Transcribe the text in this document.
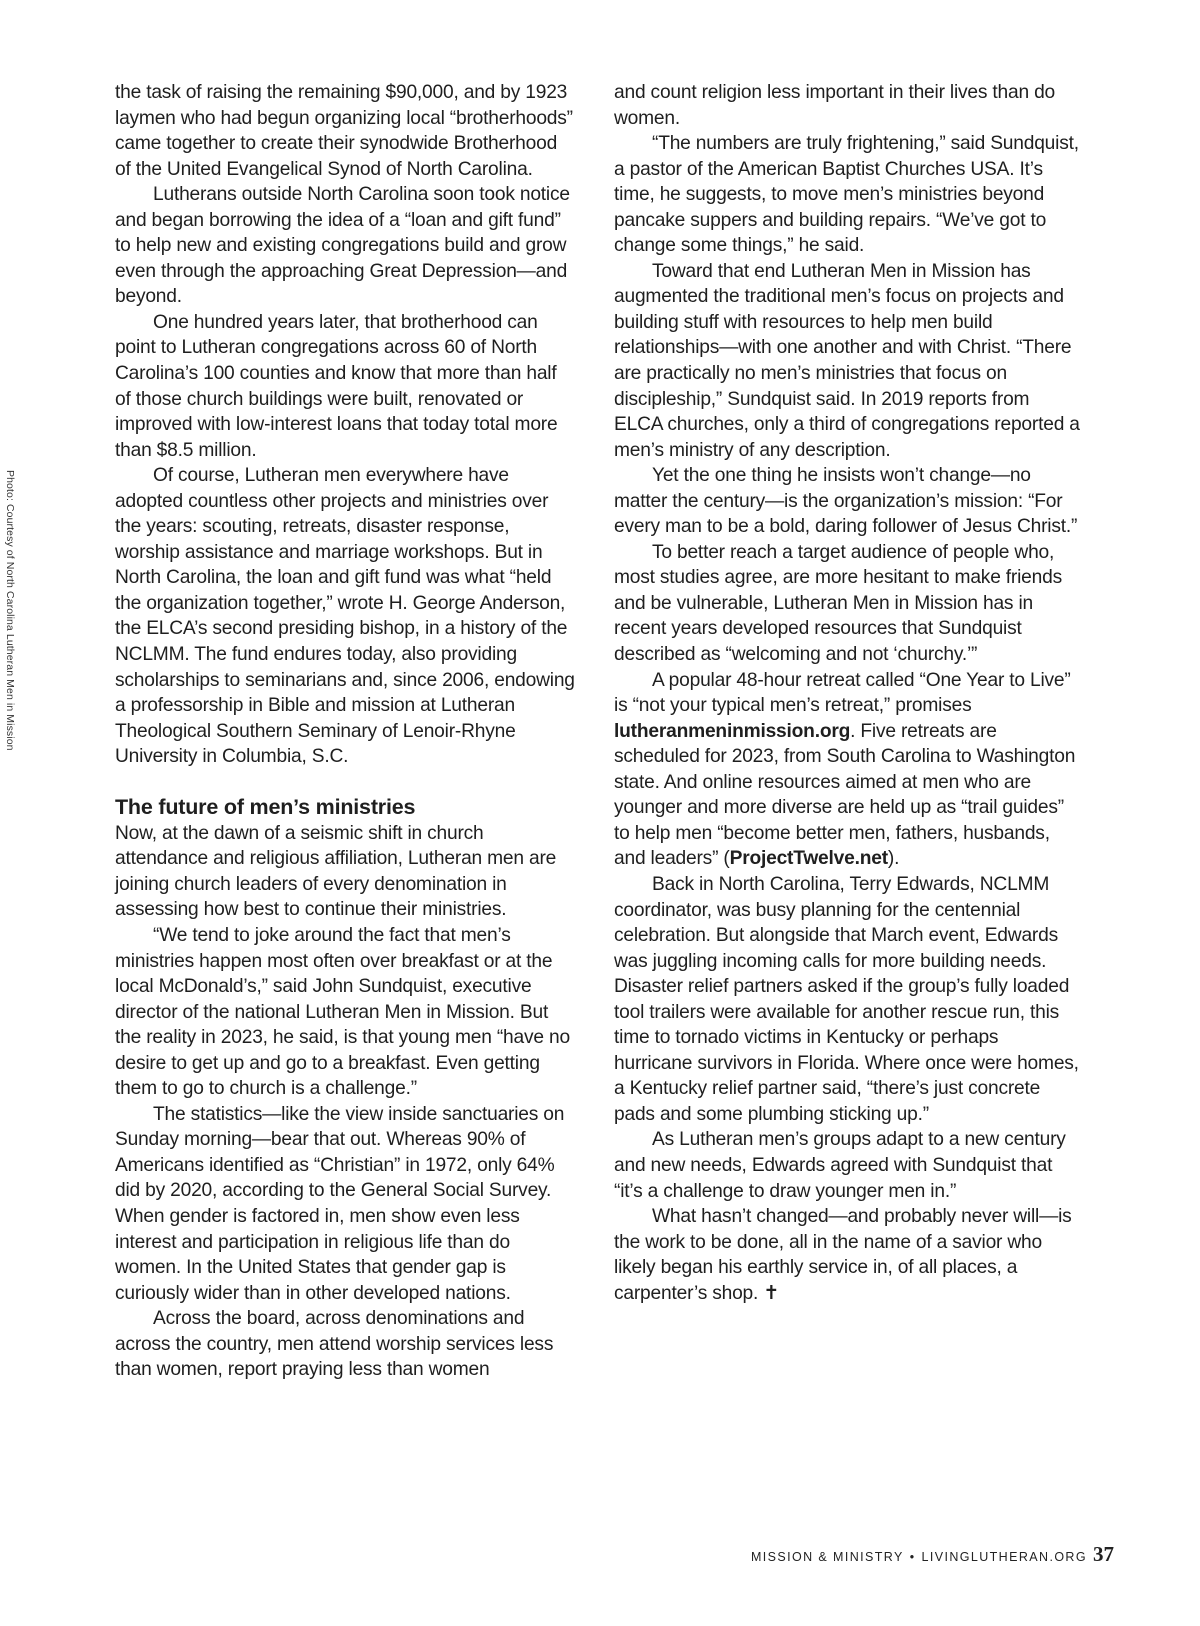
Photo: Courtesy of North Carolina Lutheran Men in Mission

the task of raising the remaining $90,000, and by 1923 laymen who had begun organizing local “brotherhoods” came together to create their synodwide Brotherhood of the United Evangelical Synod of North Carolina.

Lutherans outside North Carolina soon took notice and began borrowing the idea of a “loan and gift fund” to help new and existing congregations build and grow even through the approaching Great Depression—and beyond.

One hundred years later, that brotherhood can point to Lutheran congregations across 60 of North Carolina’s 100 counties and know that more than half of those church buildings were built, renovated or improved with low-interest loans that today total more than $8.5 million.

Of course, Lutheran men everywhere have adopted countless other projects and ministries over the years: scouting, retreats, disaster response, worship assistance and marriage workshops. But in North Carolina, the loan and gift fund was what “held the organization together,” wrote H. George Anderson, the ELCA’s second presiding bishop, in a history of the NCLMM. The fund endures today, also providing scholarships to seminarians and, since 2006, endowing a professorship in Bible and mission at Lutheran Theological Southern Seminary of Lenoir-Rhyne University in Columbia, S.C.

The future of men’s ministries

Now, at the dawn of a seismic shift in church attendance and religious affiliation, Lutheran men are joining church leaders of every denomination in assessing how best to continue their ministries.

“We tend to joke around the fact that men’s ministries happen most often over breakfast or at the local McDonald’s,” said John Sundquist, executive director of the national Lutheran Men in Mission. But the reality in 2023, he said, is that young men “have no desire to get up and go to a breakfast. Even getting them to go to church is a challenge.”

The statistics—like the view inside sanctuaries on Sunday morning—bear that out. Whereas 90% of Americans identified as “Christian” in 1972, only 64% did by 2020, according to the General Social Survey. When gender is factored in, men show even less interest and participation in religious life than do women. In the United States that gender gap is curiously wider than in other developed nations.

Across the board, across denominations and across the country, men attend worship services less than women, report praying less than women

and count religion less important in their lives than do women.

“The numbers are truly frightening,” said Sundquist, a pastor of the American Baptist Churches USA. It’s time, he suggests, to move men’s ministries beyond pancake suppers and building repairs. “We’ve got to change some things,” he said.

Toward that end Lutheran Men in Mission has augmented the traditional men’s focus on projects and building stuff with resources to help men build relationships—with one another and with Christ. “There are practically no men’s ministries that focus on discipleship,” Sundquist said. In 2019 reports from ELCA churches, only a third of congregations reported a men’s ministry of any description.

Yet the one thing he insists won’t change—no matter the century—is the organization’s mission: “For every man to be a bold, daring follower of Jesus Christ.”

To better reach a target audience of people who, most studies agree, are more hesitant to make friends and be vulnerable, Lutheran Men in Mission has in recent years developed resources that Sundquist described as “welcoming and not ‘churchy.’”

A popular 48-hour retreat called “One Year to Live” is “not your typical men’s retreat,” promises lutheranmeninmission.org. Five retreats are scheduled for 2023, from South Carolina to Washington state. And online resources aimed at men who are younger and more diverse are held up as “trail guides” to help men “become better men, fathers, husbands, and leaders” (ProjectTwelve.net).

Back in North Carolina, Terry Edwards, NCLMM coordinator, was busy planning for the centennial celebration. But alongside that March event, Edwards was juggling incoming calls for more building needs. Disaster relief partners asked if the group’s fully loaded tool trailers were available for another rescue run, this time to tornado victims in Kentucky or perhaps hurricane survivors in Florida. Where once were homes, a Kentucky relief partner said, “there’s just concrete pads and some plumbing sticking up.”

As Lutheran men’s groups adapt to a new century and new needs, Edwards agreed with Sundquist that “it’s a challenge to draw younger men in.”

What hasn’t changed—and probably never will—is the work to be done, all in the name of a savior who likely began his earthly service in, of all places, a carpenter’s shop. ✝

MISSION & MINISTRY • LIVINGLUTHERAN.ORG 37
